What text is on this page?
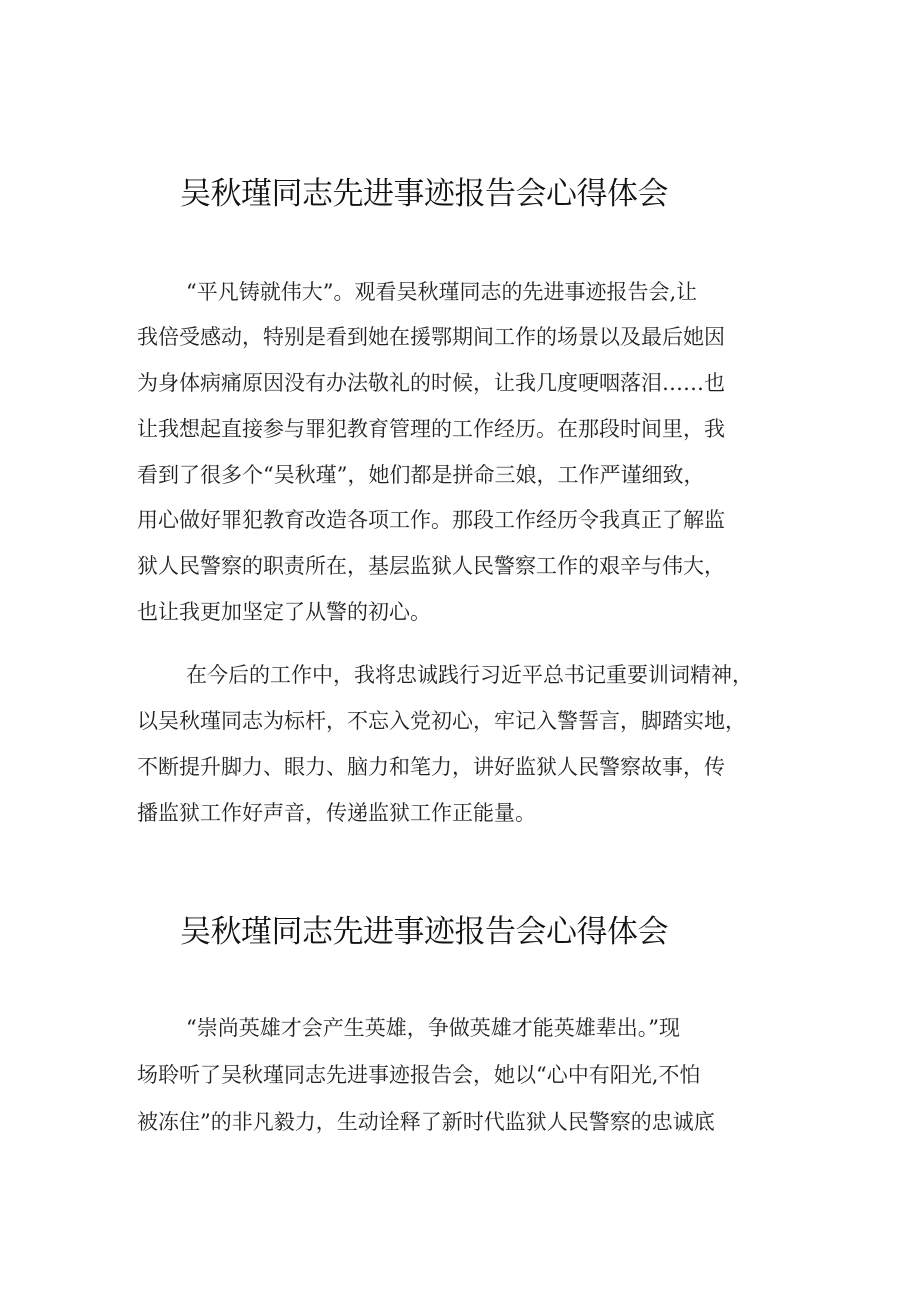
吴秋瑾同志先进事迹报告会心得体会
“平凡铸就伟大”。观看吴秋瑾同志的先进事迹报告会,让
我倍受感动，特别是看到她在援鄂期间工作的场景以及最后她因
为身体病痛原因没有办法敬礼的时候，让我几度哽咽落泪……也
让我想起直接参与罪犯教育管理的工作经历。在那段时间里，我
看到了很多个“吴秋瑾”，她们都是拼命三娘，工作严谨细致，
用心做好罪犯教育改造各项工作。那段工作经历令我真正了解监
狱人民警察的职责所在，基层监狱人民警察工作的艰辛与伟大，
也让我更加坚定了从警的初心。
在今后的工作中，我将忠诚践行习近平总书记重要训词精神，
以吴秋瑾同志为标杆，不忘入党初心，牢记入警誓言，脚踏实地，
不断提升脚力、眼力、脑力和笔力，讲好监狱人民警察故事，传
播监狱工作好声音，传递监狱工作正能量。
吴秋瑾同志先进事迹报告会心得体会
“崇尚英雄才会产生英雄，争做英雄才能英雄辈出。”现
场聆听了吴秋瑾同志先进事迹报告会，她以“心中有阳光,不怕
被冻住”的非凡毅力，生动诠释了新时代监狱人民警察的忠诚底
